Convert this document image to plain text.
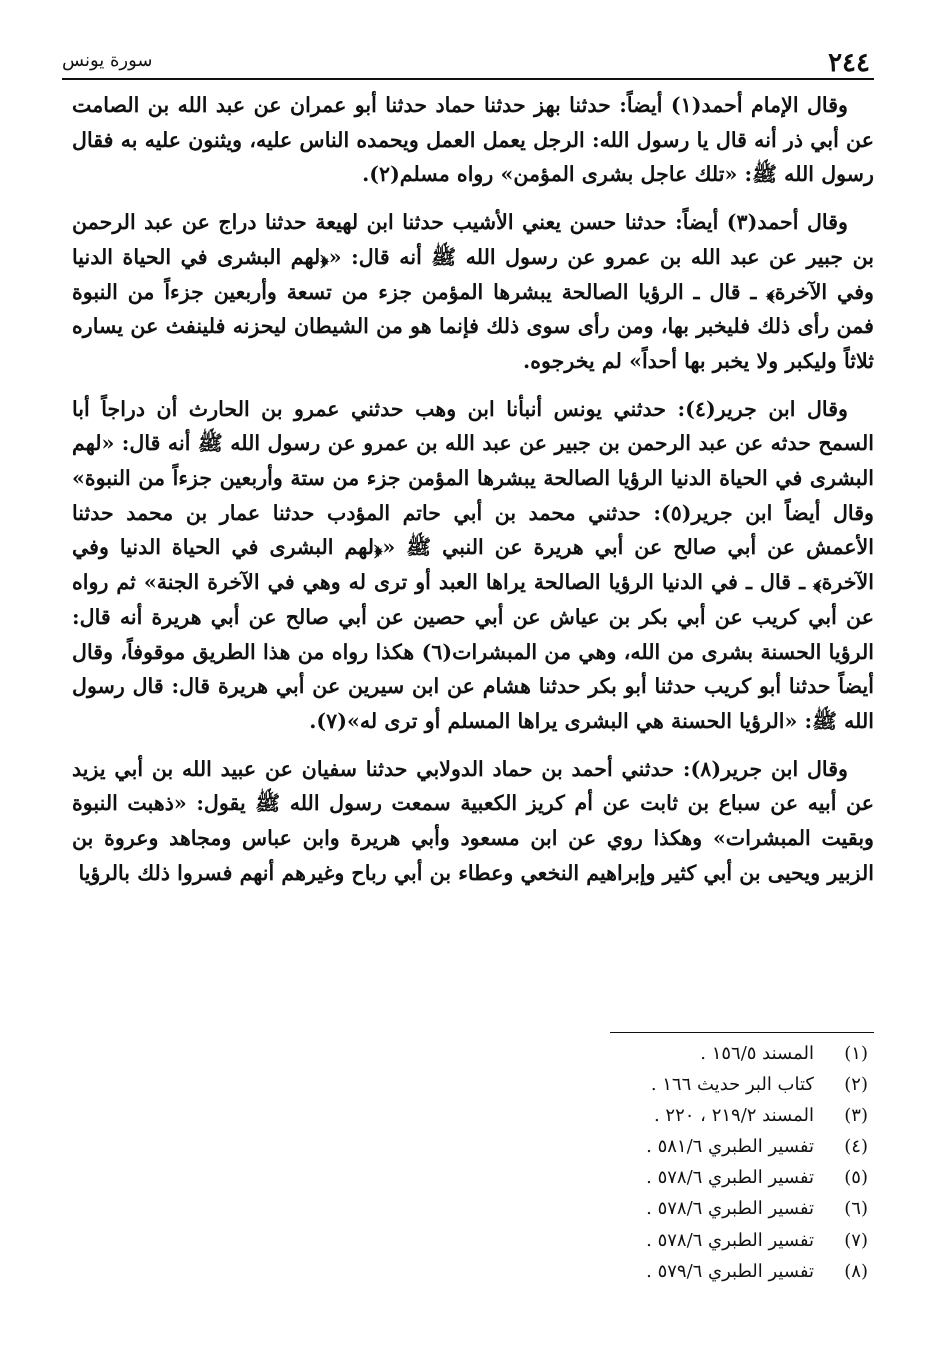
٢٤٤
سورة يونس

وقال الإمام أحمد(١) أيضاً: حدثنا بهز حدثنا حماد حدثنا أبو عمران عن عبد الله بن الصامت عن أبي ذر أنه قال يا رسول الله: الرجل يعمل العمل ويحمده الناس عليه، ويثنون عليه به فقال رسول الله ﷺ: «تلك عاجل بشرى المؤمن» رواه مسلم(٢).

وقال أحمد(٣) أيضاً: حدثنا حسن يعني الأشيب حدثنا ابن لهيعة حدثنا دراج عن عبد الرحمن بن جبير عن عبد الله بن عمرو عن رسول الله ﷺ أنه قال: «﴿لهم البشرى في الحياة الدنيا وفي الآخرة﴾ ـ قال ـ الرؤيا الصالحة يبشرها المؤمن جزء من تسعة وأربعين جزءاً من النبوة فمن رأى ذلك فليخبر بها، ومن رأى سوى ذلك فإنما هو من الشيطان ليحزنه فلينفث عن يساره ثلاثاً وليكبر ولا يخبر بها أحداً» لم يخرجوه.

وقال ابن جرير(٤): حدثني يونس أنبأنا ابن وهب حدثني عمرو بن الحارث أن دراجاً أبا السمح حدثه عن عبد الرحمن بن جبير عن عبد الله بن عمرو عن رسول الله ﷺ أنه قال: «لهم البشرى في الحياة الدنيا الرؤيا الصالحة يبشرها المؤمن جزء من ستة وأربعين جزءاً من النبوة» وقال أيضاً ابن جرير(٥): حدثني محمد بن أبي حاتم المؤدب حدثنا عمار بن محمد حدثنا الأعمش عن أبي صالح عن أبي هريرة عن النبي ﷺ «﴿لهم البشرى في الحياة الدنيا وفي الآخرة﴾ ـ قال ـ في الدنيا الرؤيا الصالحة يراها العبد أو ترى له وهي في الآخرة الجنة» ثم رواه عن أبي كريب عن أبي بكر بن عياش عن أبي حصين عن أبي صالح عن أبي هريرة أنه قال: الرؤيا الحسنة بشرى من الله، وهي من المبشرات(٦) هكذا رواه من هذا الطريق موقوفاً، وقال أيضاً حدثنا أبو كريب حدثنا أبو بكر حدثنا هشام عن ابن سيرين عن أبي هريرة قال: قال رسول الله ﷺ: «الرؤيا الحسنة هي البشرى يراها المسلم أو ترى له»(٧).

وقال ابن جرير(٨): حدثني أحمد بن حماد الدولابي حدثنا سفيان عن عبيد الله بن أبي يزيد عن أبيه عن سباع بن ثابت عن أم كريز الكعبية سمعت رسول الله ﷺ يقول: «ذهبت النبوة وبقيت المبشرات» وهكذا روي عن ابن مسعود وأبي هريرة وابن عباس ومجاهد وعروة بن الزبير ويحيى بن أبي كثير وإبراهيم النخعي وعطاء بن أبي رباح وغيرهم أنهم فسروا ذلك بالرؤيا

(١)المسند ١٥٦/٥ .
(٢)كتاب البر حديث ١٦٦ .
(٣)المسند ٢١٩/٢ ، ٢٢٠ .
(٤)تفسير الطبري ٥٨١/٦ .
(٥)تفسير الطبري ٥٧٨/٦ .
(٦)تفسير الطبري ٥٧٨/٦ .
(٧)تفسير الطبري ٥٧٨/٦ .
(٨)تفسير الطبري ٥٧٩/٦ .
